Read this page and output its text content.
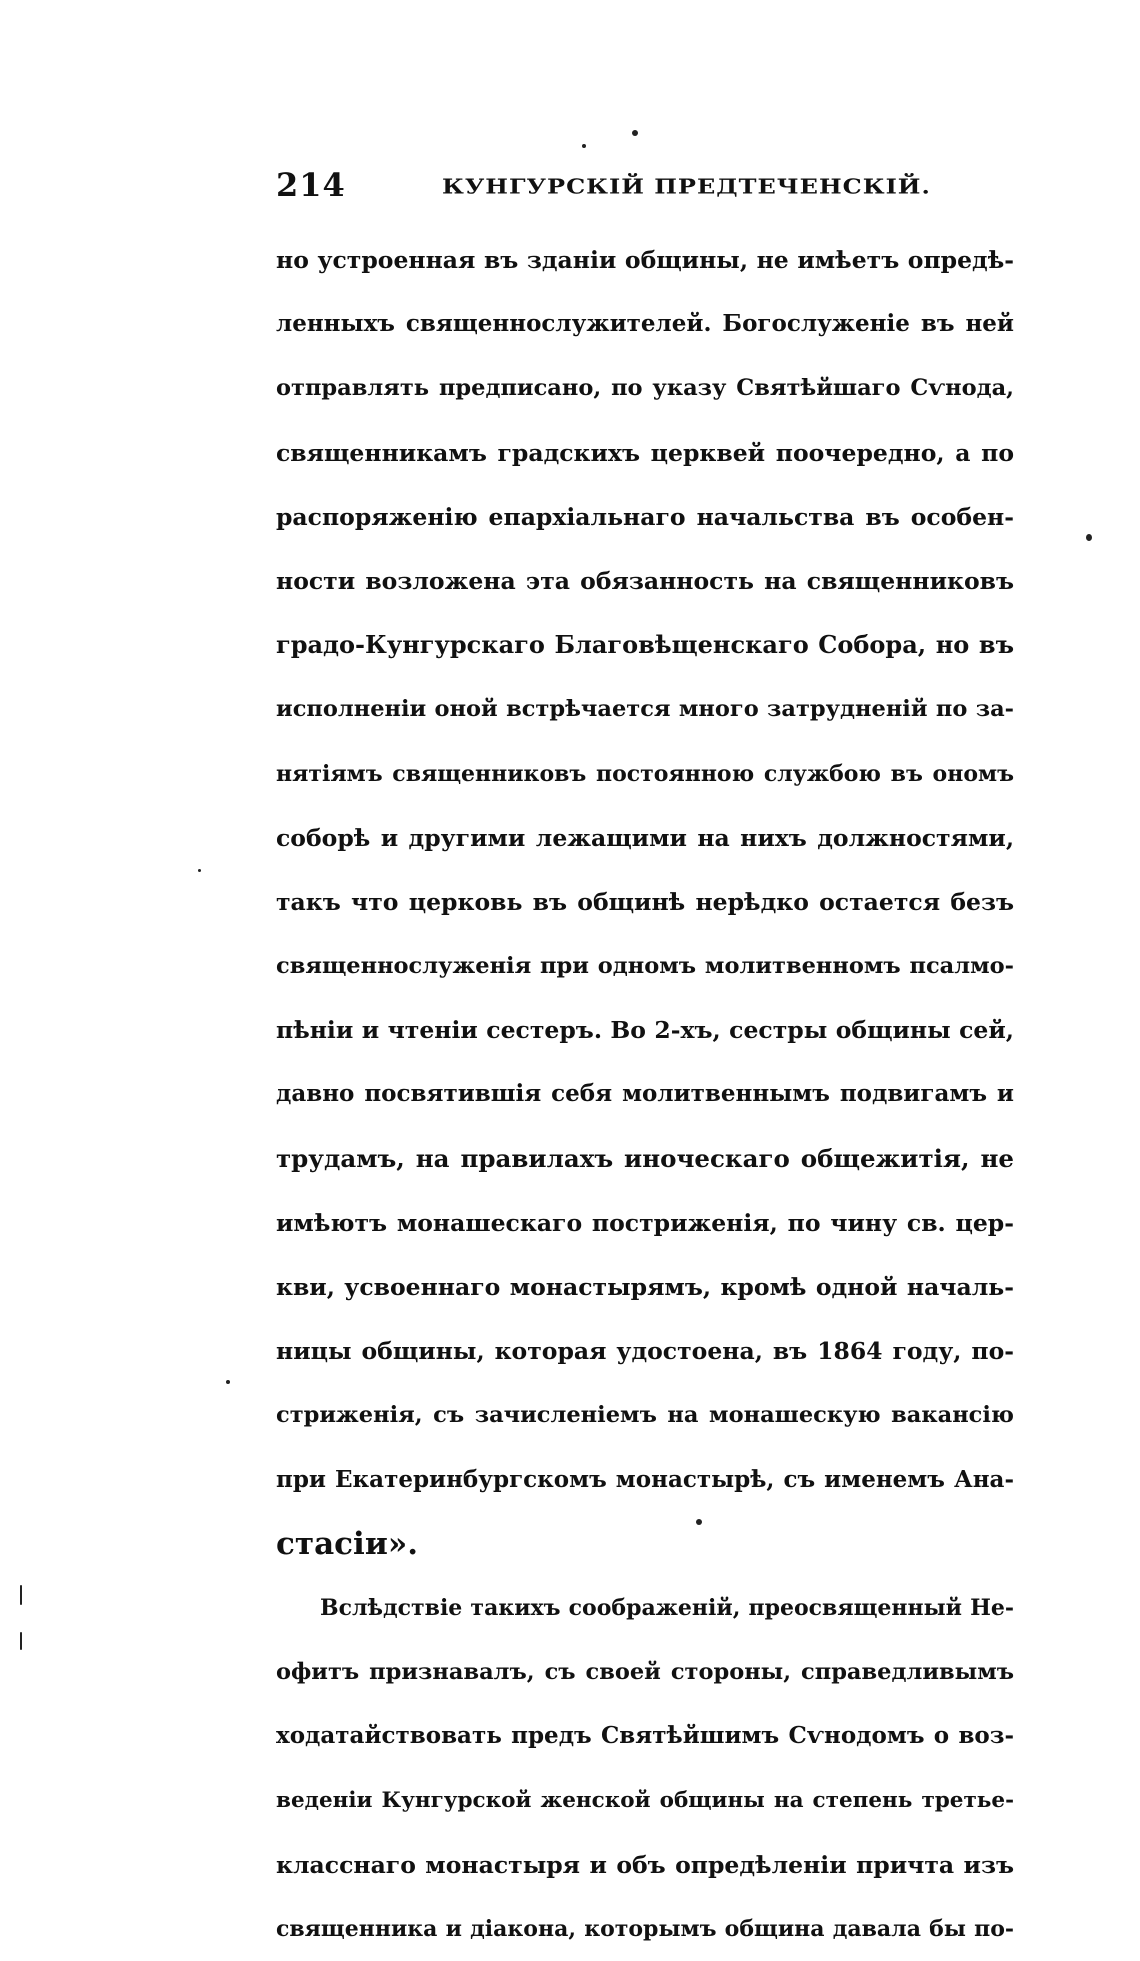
214	КУНГУРСКІЙ ПРЕДТЕЧЕНСКІЙ.
но устроенная въ зданіи общины, не имѣетъ опредѣ-
ленныхъ священнослужителей. Богослуженіе въ ней
отправлять предписано, по указу Святѣйшаго Сѵнода,
священникамъ градскихъ церквей поочередно, а по
распоряженію епархіальнаго начальства въ особен-
ности возложена эта обязанность на священниковъ
градо-Кунгурскаго Благовѣщенскаго Собора, но въ
исполненіи оной встрѣчается много затрудненій по за-
нятіямъ священниковъ постоянною службою въ ономъ
соборѣ и другими лежащими на нихъ должностями,
такъ что церковь въ общинѣ нерѣдко остается безъ
священнослуженія при одномъ молитвенномъ псалмо-
пѣніи и чтеніи сестеръ. Во 2-хъ, сестры общины сей,
давно посвятившія себя молитвеннымъ подвигамъ и
трудамъ, на правилахъ иноческаго общежитія, не
имѣютъ монашескаго постриженія, по чину св. цер-
кви, усвоеннаго монастырямъ, кромѣ одной началь-
ницы общины, которая удостоена, въ 1864 году, по-
стриженія, съ зачисленіемъ на монашескую вакансію
при Екатеринбургскомъ монастырѣ, съ именемъ Ана-
стасіи».
Вслѣдствіе такихъ соображеній, преосвященный Не-
офитъ признавалъ, съ своей стороны, справедливымъ
ходатайствовать предъ Святѣйшимъ Сѵнодомъ о воз-
веденіи Кунгурской женской общины на степень третье-
класснаго монастыря и объ опредѣленіи причта изъ
священника и діакона, которымъ община давала бы по-
